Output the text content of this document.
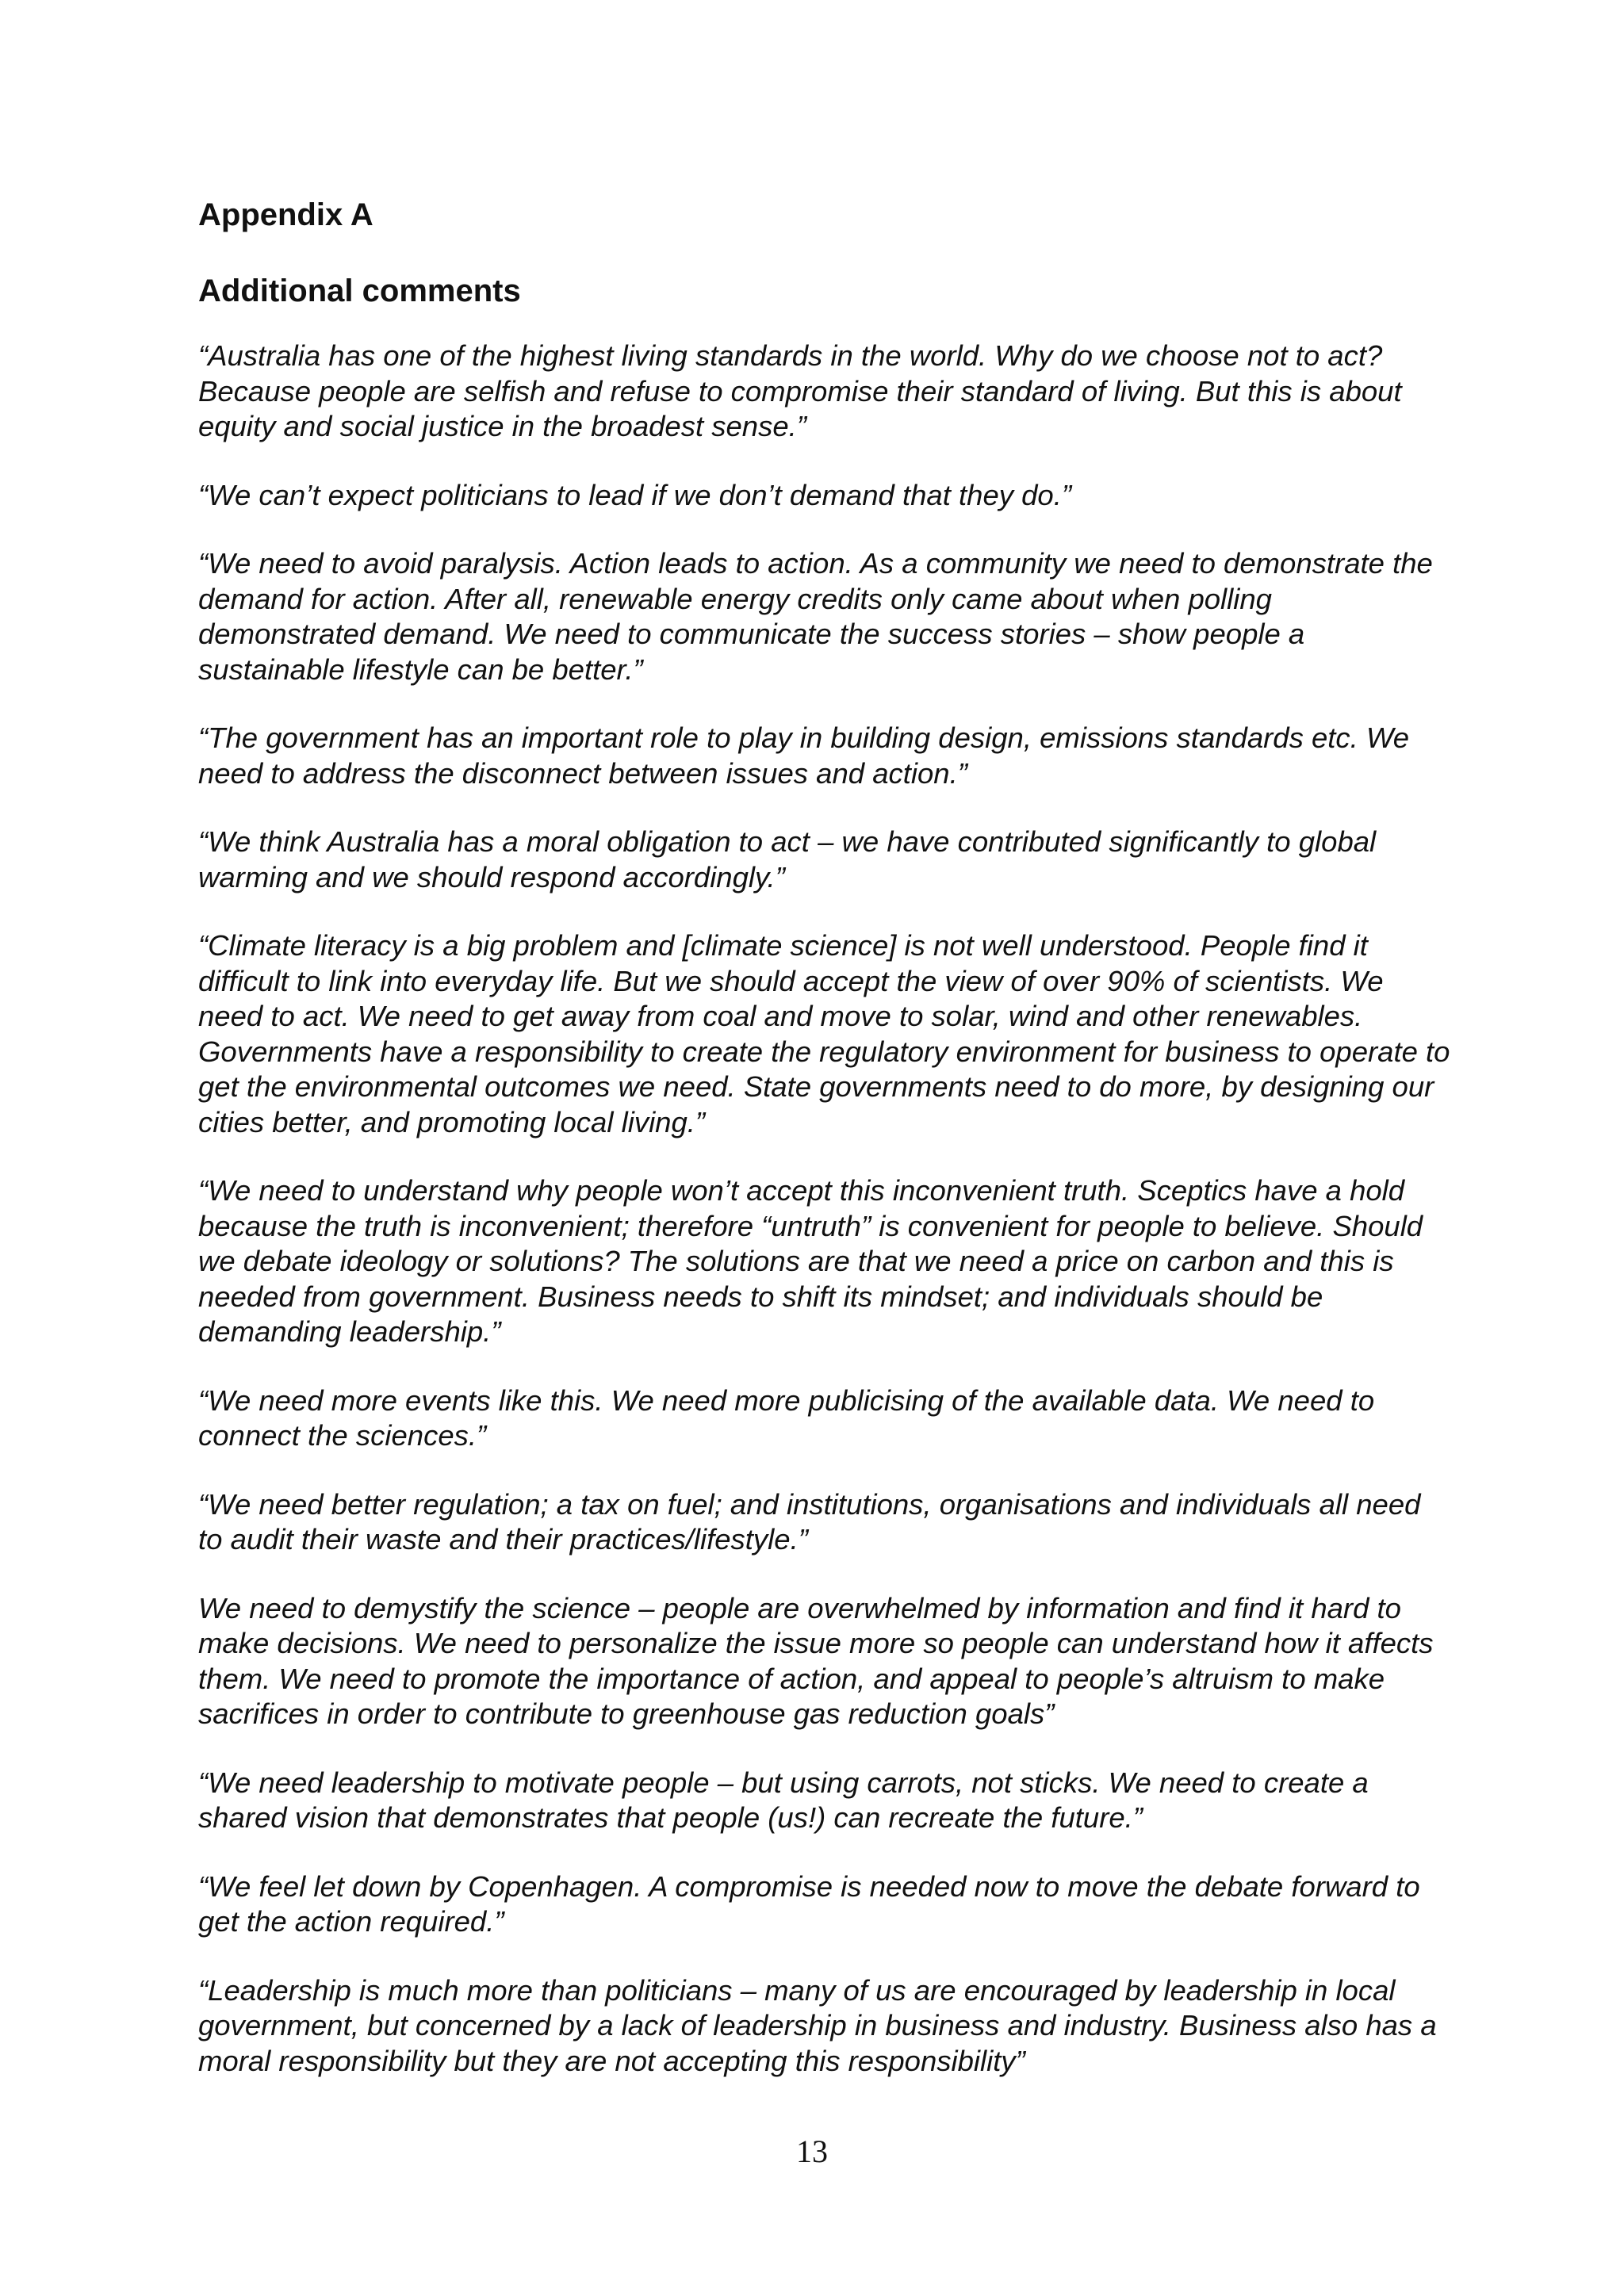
Appendix A
Additional comments

“Australia has one of the highest living standards in the world. Why do we choose not to act? Because people are selfish and refuse to compromise their standard of living. But this is about equity and social justice in the broadest sense.”

“We can’t expect politicians to lead if we don’t demand that they do.”

“We need to avoid paralysis. Action leads to action. As a community we need to demonstrate the demand for action. After all, renewable energy credits only came about when polling demonstrated demand. We need to communicate the success stories – show people a sustainable lifestyle can be better.”

“The government has an important role to play in building design, emissions standards etc. We need to address the disconnect between issues and action.”

“We think Australia has a moral obligation to act – we have contributed significantly to global warming and we should respond accordingly.”

“Climate literacy is a big problem and [climate science] is not well understood. People find it difficult to link into everyday life. But we should accept the view of over 90% of scientists. We need to act. We need to get away from coal and move to solar, wind and other renewables. Governments have a responsibility to create the regulatory environment for business to operate to get the environmental outcomes we need. State governments need to do more, by designing our cities better, and promoting local living.”

“We need to understand why people won’t accept this inconvenient truth. Sceptics have a hold because the truth is inconvenient; therefore “untruth” is convenient for people to believe. Should we debate ideology or solutions? The solutions are that we need a price on carbon and this is needed from government. Business needs to shift its mindset; and individuals should be demanding leadership.”

“We need more events like this. We need more publicising of the available data. We need to connect the sciences.”

“We need better regulation; a tax on fuel; and institutions, organisations and individuals all need to audit their waste and their practices/lifestyle.”

We need to demystify the science – people are overwhelmed by information and find it hard to make decisions. We need to personalize the issue more so people can understand how it affects them. We need to promote the importance of action, and appeal to people’s altruism to make sacrifices in order to contribute to greenhouse gas reduction goals”

“We need leadership to motivate people – but using carrots, not sticks. We need to create a shared vision that demonstrates that people (us!) can recreate the future.”

“We feel let down by Copenhagen. A compromise is needed now to move the debate forward to get the action required.”

“Leadership is much more than politicians – many of us are encouraged by leadership in local government, but concerned by a lack of leadership in business and industry. Business also has a moral responsibility but they are not accepting this responsibility”

13
